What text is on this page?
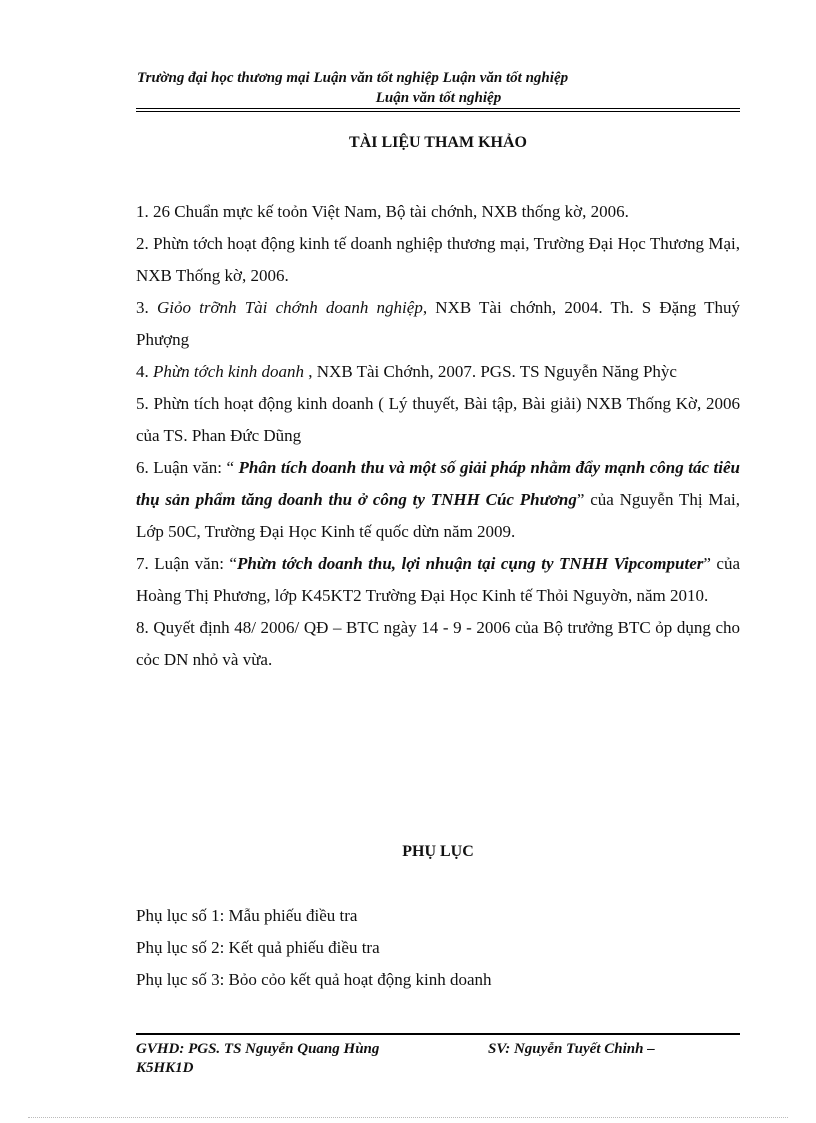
Trường đại học thương mại Luận văn tốt nghiệp Luận văn tốt nghiệp
Luận văn tốt nghiệp
TÀI LIỆU THAM KHẢO

1. 26 Chuẩn mực kế toỏn Việt Nam, Bộ tài chớnh, NXB thống kờ, 2006.

2. Phừn tớch hoạt động kinh tế doanh nghiệp thương mại, Trường Đại Học Thương Mại, NXB Thống kờ, 2006.

3. Giỏo trỡnh Tài chớnh doanh nghiệp, NXB Tài chớnh, 2004. Th. S Đặng Thuý Phượng

4. Phừn tớch kinh doanh , NXB Tài Chớnh, 2007. PGS. TS Nguyễn Năng Phỳc

5. Phừn tích hoạt động kinh doanh ( Lý thuyết, Bài tập, Bài giải) NXB Thống Kờ, 2006 của TS. Phan Đức Dũng

6. Luận văn: “ Phân tích doanh thu và một số giải pháp nhằm đẩy mạnh công tác tiêu thụ sản phẩm tăng doanh thu ở công ty TNHH Cúc Phương” của Nguyễn Thị Mai, Lớp 50C, Trường Đại Học Kinh tế quốc dừn năm 2009.

7. Luận văn: “Phừn tớch doanh thu, lợi nhuận tại cụng ty TNHH Vipcomputer” của Hoàng Thị Phương, lớp K45KT2 Trường Đại Học Kinh tế Thỏi Nguyờn, năm 2010.

8. Quyết định 48/ 2006/ QĐ – BTC ngày 14 - 9 - 2006 của Bộ trưởng BTC ỏp dụng cho cỏc DN nhỏ và vừa.

PHỤ LỤC

Phụ lục số 1: Mẫu phiếu điều tra

Phụ lục số 2: Kết quả phiếu điều tra

Phụ lục số 3: Bỏo cỏo kết quả hoạt động kinh doanh

GVHD: PGS. TS Nguyễn Quang Hùng	SV: Nguyễn Tuyết Chinh –
K5HK1D
